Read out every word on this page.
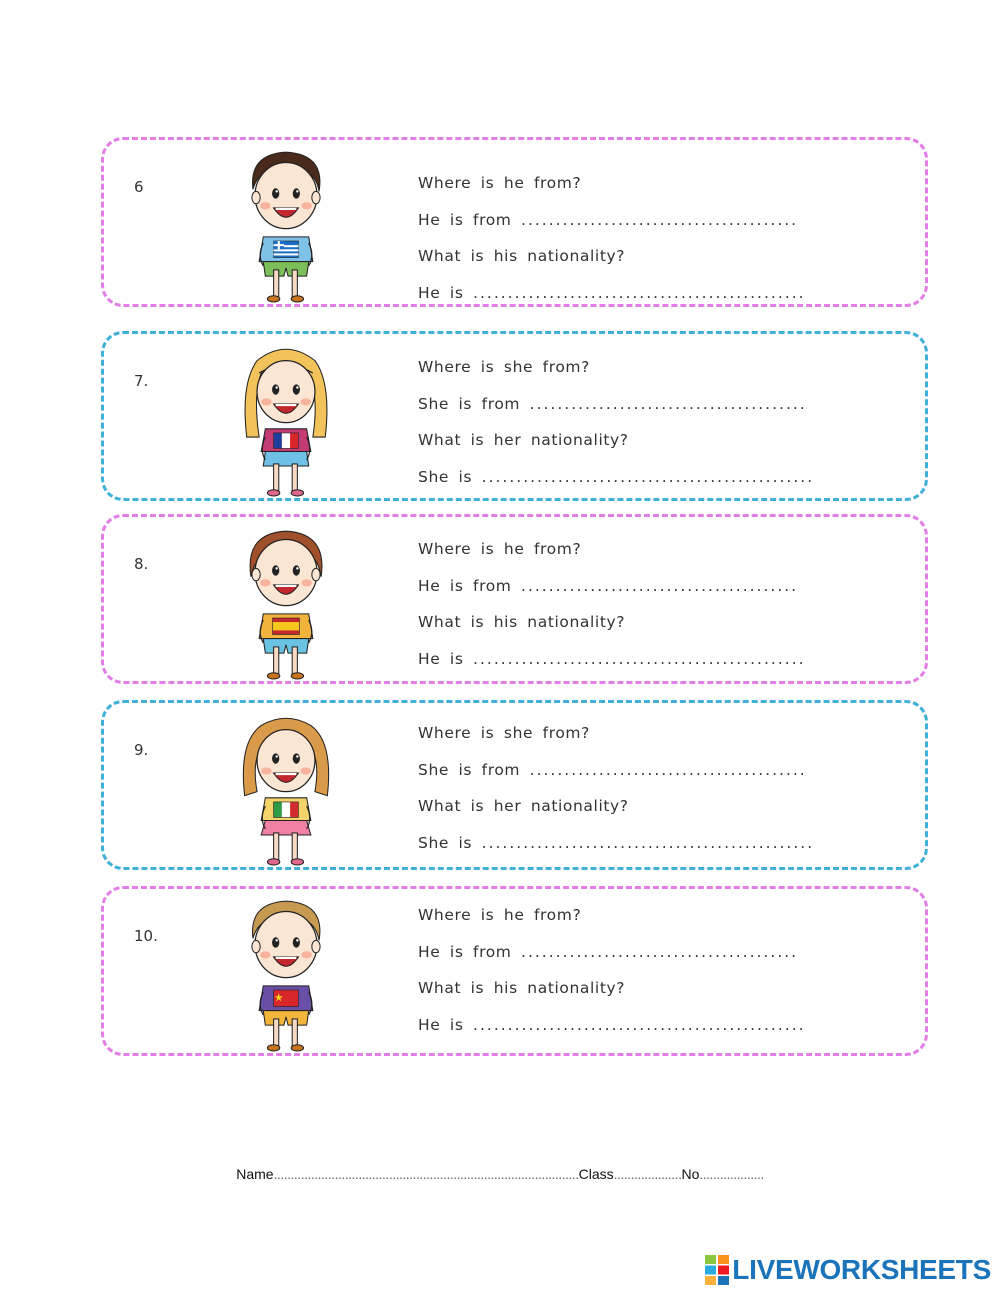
6	Where is he from?
He is from ........................................
What is his nationality?
He is ................................................
7.
Where is she from?
She is from ........................................
What is her nationality?
She is ................................................
8.
Where is he from?
He is from ........................................
What is his nationality?
He is ................................................
9.
Where is she from?
She is from ........................................
What is her nationality?
She is ................................................
10.
Where is he from?
He is from ........................................
What is his nationality?
He is ................................................
Name..........................................................................................Class....................No...................
LIVEWORKSHEETS
